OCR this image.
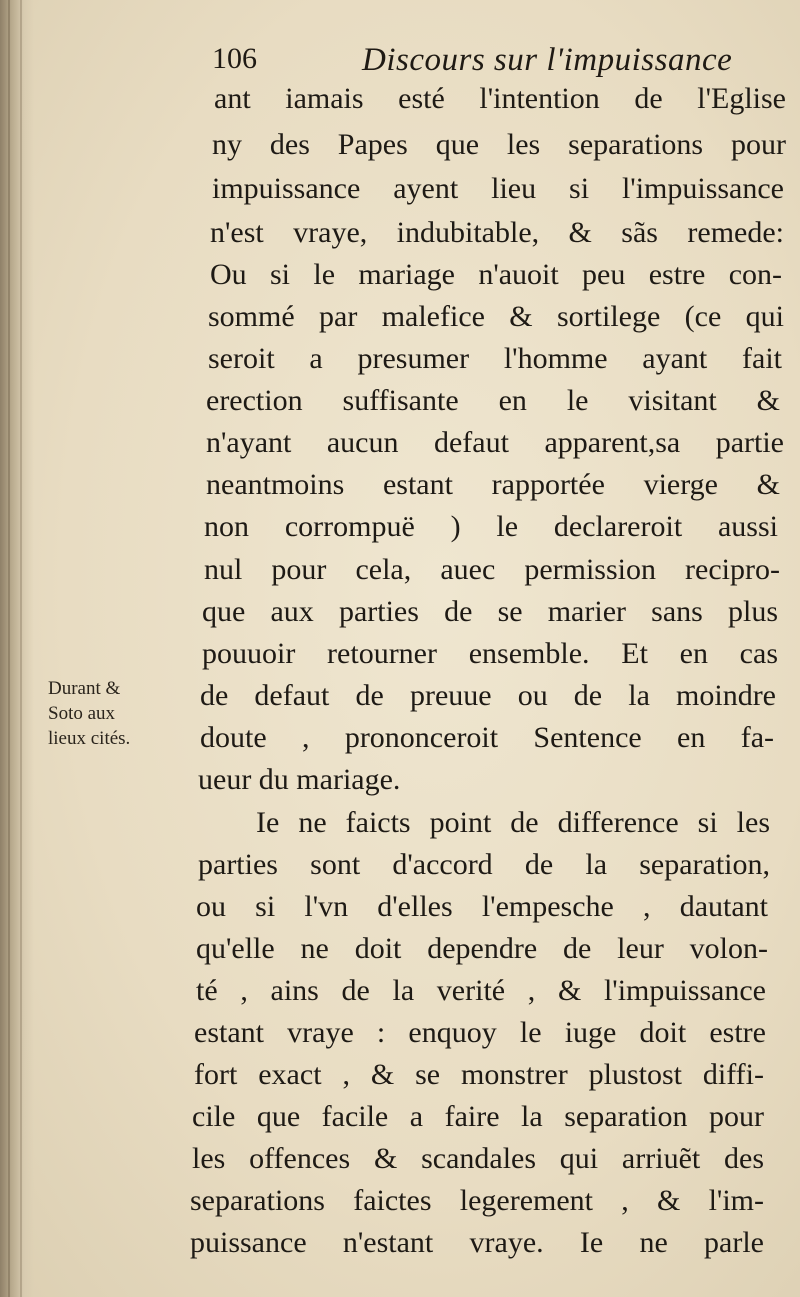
106	Discours sur l'impuissance
ant iamais esté l'intention de l'Eglise
ny des Papes que les separations pour
impuissance ayent lieu si l'impuissance
n'est vraye, indubitable, & sãs remede:
Ou si le mariage n'auoit peu estre con-
sommé par malefice & sortilege (ce qui
seroit a presumer l'homme ayant fait
erection suffisante en le visitant &
n'ayant aucun defaut apparent,sa partie
neantmoins estant rapportée vierge &
non corrompuë ) le declareroit aussi
nul pour cela, auec permission recipro-
que aux parties de se marier sans plus
pouuoir retourner ensemble. Et en cas
de defaut de preuue ou de la moindre
doute , prononceroit Sentence en fa-
ueur du mariage.
Ie ne faicts point de difference si les
parties sont d'accord de la separation,
ou si l'vn d'elles l'empesche , dautant
qu'elle ne doit dependre de leur volon-
té , ains de la verité , & l'impuissance
estant vraye : enquoy le iuge doit estre
fort exact , & se monstrer plustost diffi-
cile que facile a faire la separation pour
les offences & scandales qui arriuẽt des
separations faictes legerement , & l'im-
puissance n'estant vraye. Ie ne parle
Durant &
Soto aux
lieux cités.
